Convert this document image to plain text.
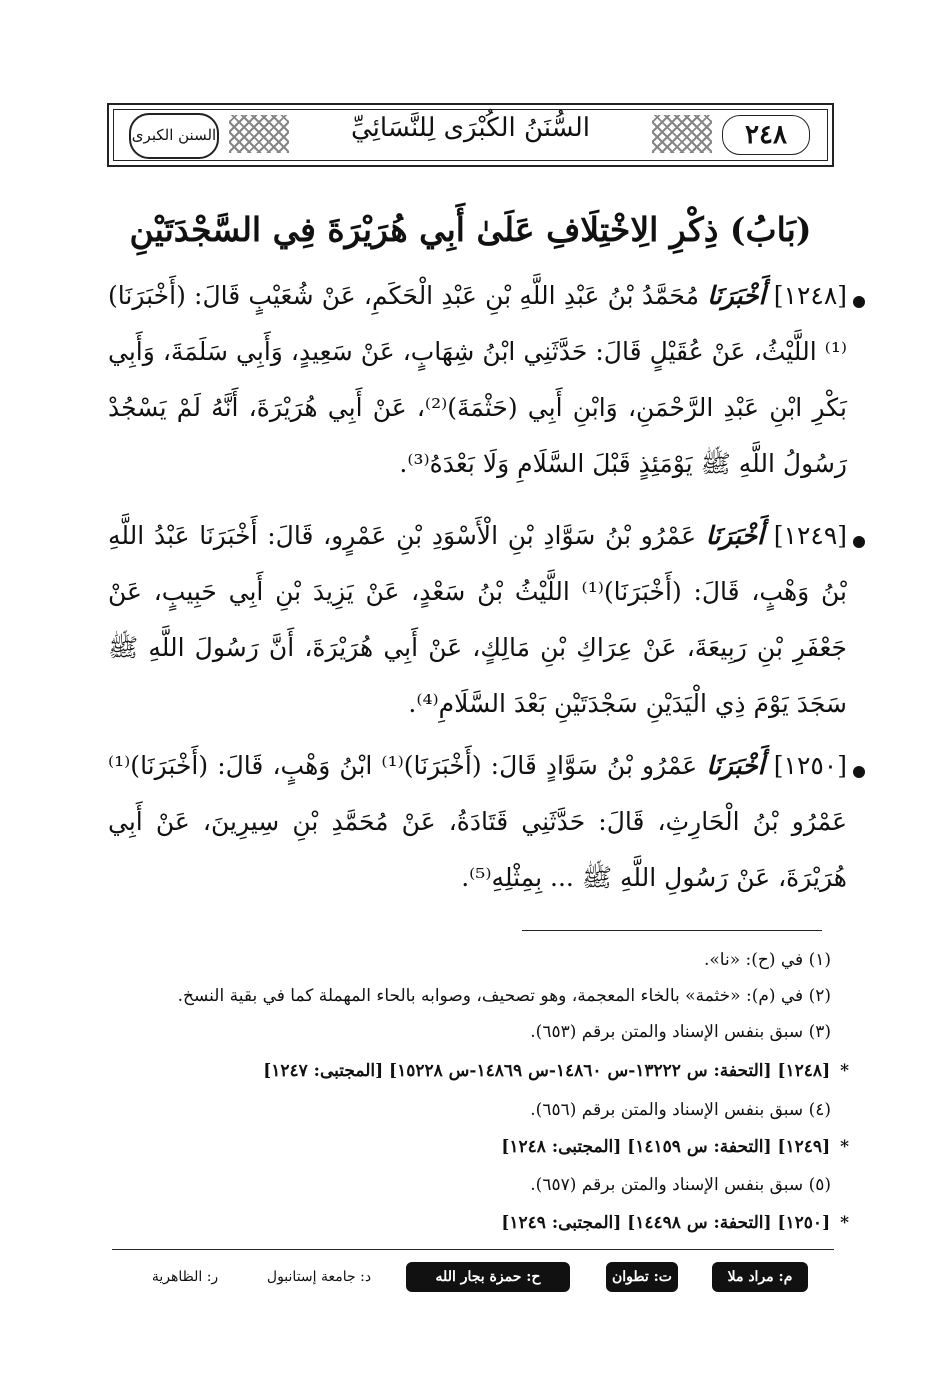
٢٤٨
السُّنَنُ الكُبْرَى لِلنَّسَائِيِّ
السنن الكبرى
(بَابُ) ذِكْرِ الِاخْتِلَافِ عَلَىٰ أَبِي هُرَيْرَةَ فِي السَّجْدَتَيْنِ
[١٢٤٨] أَخْبَرَنَا مُحَمَّدُ بْنُ عَبْدِ اللَّهِ بْنِ عَبْدِ الْحَكَمِ، عَنْ شُعَيْبٍ قَالَ: (أَخْبَرَنَا)⁽¹⁾ اللَّيْثُ، عَنْ عُقَيْلٍ قَالَ: حَدَّثَنِي ابْنُ شِهَابٍ، عَنْ سَعِيدٍ، وَأَبِي سَلَمَةَ، وَأَبِي بَكْرِ ابْنِ عَبْدِ الرَّحْمَنِ، وَابْنِ أَبِي (حَثْمَةَ)⁽²⁾، عَنْ أَبِي هُرَيْرَةَ، أَنَّهُ لَمْ يَسْجُدْ رَسُولُ اللَّهِ ﷺ يَوْمَئِذٍ قَبْلَ السَّلَامِ وَلَا بَعْدَهُ⁽³⁾.
[١٢٤٩] أَخْبَرَنَا عَمْرُو بْنُ سَوَّادِ بْنِ الْأَسْوَدِ بْنِ عَمْرٍو، قَالَ: أَخْبَرَنَا عَبْدُ اللَّهِ بْنُ وَهْبٍ، قَالَ: (أَخْبَرَنَا)⁽¹⁾ اللَّيْثُ بْنُ سَعْدٍ، عَنْ يَزِيدَ بْنِ أَبِي حَبِيبٍ، عَنْ جَعْفَرِ بْنِ رَبِيعَةَ، عَنْ عِرَاكِ بْنِ مَالِكٍ، عَنْ أَبِي هُرَيْرَةَ، أَنَّ رَسُولَ اللَّهِ ﷺ سَجَدَ يَوْمَ ذِي الْيَدَيْنِ سَجْدَتَيْنِ بَعْدَ السَّلَامِ⁽⁴⁾.
[١٢٥٠] أَخْبَرَنَا عَمْرُو بْنُ سَوَّادٍ قَالَ: (أَخْبَرَنَا)⁽¹⁾ ابْنُ وَهْبٍ، قَالَ: (أَخْبَرَنَا)⁽¹⁾ عَمْرُو بْنُ الْحَارِثِ، قَالَ: حَدَّثَنِي قَتَادَةُ، عَنْ مُحَمَّدِ بْنِ سِيرِينَ، عَنْ أَبِي هُرَيْرَةَ، عَنْ رَسُولِ اللَّهِ ﷺ ... بِمِثْلِهِ⁽⁵⁾.
(١) في (ح): «نا».
(٢) في (م): «خثمة» بالخاء المعجمة، وهو تصحيف، وصوابه بالحاء المهملة كما في بقية النسخ.
(٣) سبق بنفس الإسناد والمتن برقم (٦٥٣).
*[١٢٤٨] [التحفة: س ١٣٢٢٢-س ١٤٨٦٠-س ١٤٨٦٩-س ١٥٢٢٨] [المجتبى: ١٢٤٧]
(٤) سبق بنفس الإسناد والمتن برقم (٦٥٦).
*[١٢٤٩] [التحفة: س ١٤١٥٩] [المجتبى: ١٢٤٨]
(٥) سبق بنفس الإسناد والمتن برقم (٦٥٧).
*[١٢٥٠] [التحفة: س ١٤٤٩٨] [المجتبى: ١٢٤٩]
م: مراد ملا
ت: تطوان
ح: حمزة بجار الله
د: جامعة إستانبول
ر: الظاهرية
